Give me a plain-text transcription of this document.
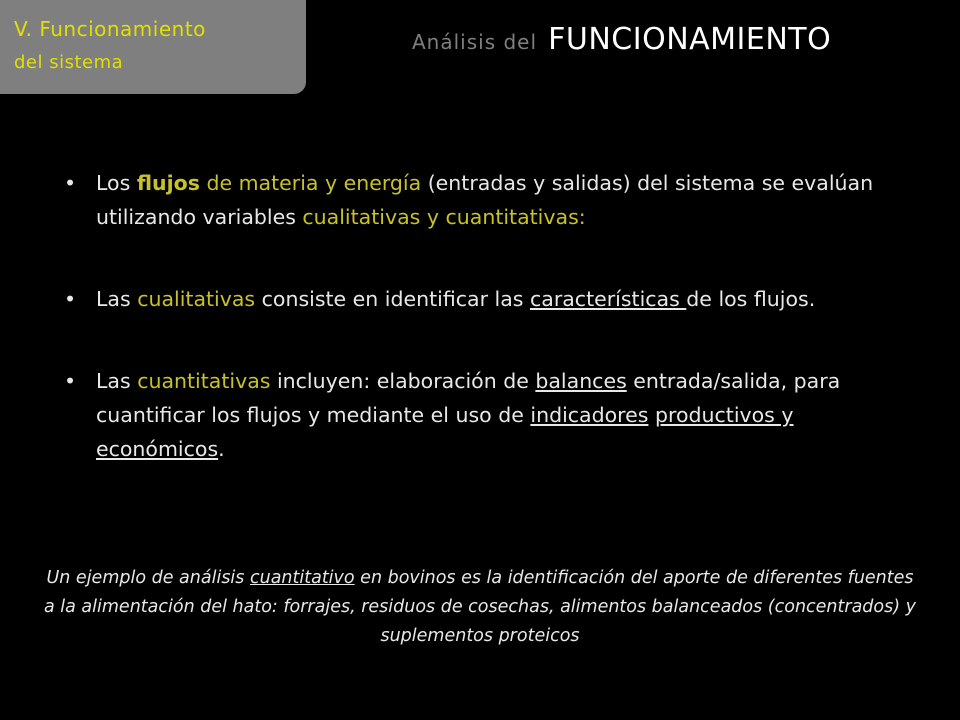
V. Funcionamiento
del sistema
Análisis del FUNCIONAMIENTO
• Los flujos de materia y energía (entradas y salidas) del sistema se evalúan utilizando variables cualitativas y cuantitativas:
• Las cualitativas consiste en identificar las características de los flujos.
• Las cuantitativas incluyen: elaboración de balances entrada/salida, para cuantificar los flujos y mediante el uso de indicadores productivos y económicos.
Un ejemplo de análisis cuantitativo en bovinos es la identificación del aporte de diferentes fuentes a la alimentación del hato: forrajes, residuos de cosechas, alimentos balanceados (concentrados) y suplementos proteicos
